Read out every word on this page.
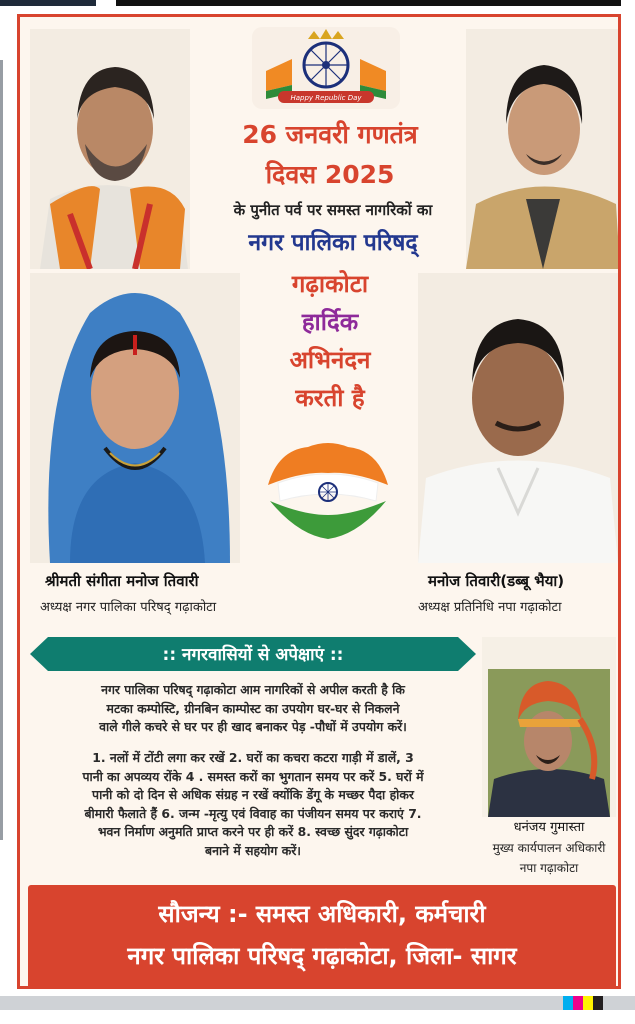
Happy Republic Day
26 जनवरी गणतंत्र
दिवस 2025
के पुनीत पर्व पर समस्त नागरिकों का
नगर पालिका परिषद्
गढ़ाकोटा
हार्दिक
अभिनंदन
करती है
श्रीमती संगीता मनोज तिवारी
अध्यक्ष नगर पालिका परिषद् गढ़ाकोटा
मनोज तिवारी(डब्बू भैया)
अध्यक्ष प्रतिनिधि नपा गढ़ाकोटा
:: नगरवासियों से अपेक्षाएं ::
नगर पालिका परिषद् गढ़ाकोटा आम नागरिकों से अपील करती है कि
मटका कम्पोस्टि, ग्रीनबिन काम्पोस्ट का उपयोग घर-घर से निकलने
वाले गीले कचरे से घर पर ही खाद बनाकर पेड़ -पौधों में उपयोग करें।
1. नलों में टोंटी लगा कर रखें 2. घरों का कचरा कटरा गाड़ी में डालें, 3
पानी का अपव्यय रोंके 4 . समस्त करों का भुगतान समय पर करें 5. घरों में
पानी को दो दिन से अधिक संग्रह न रखें क्योंकि डेंगू के मच्छर पैदा होकर
बीमारी फैलाते हैं 6. जन्म -मृत्यु एवं विवाह का पंजीयन समय पर कराएं 7.
भवन निर्माण अनुमति प्राप्त करने पर ही करें 8. स्वच्छ सुंदर गढ़ाकोटा
बनाने में सहयोग करें।
धनंजय गुमास्ता
मुख्य कार्यपालन अधिकारी
नपा गढ़ाकोटा
सौजन्य :- समस्त अधिकारी, कर्मचारी
नगर पालिका परिषद् गढ़ाकोटा, जिला- सागर
